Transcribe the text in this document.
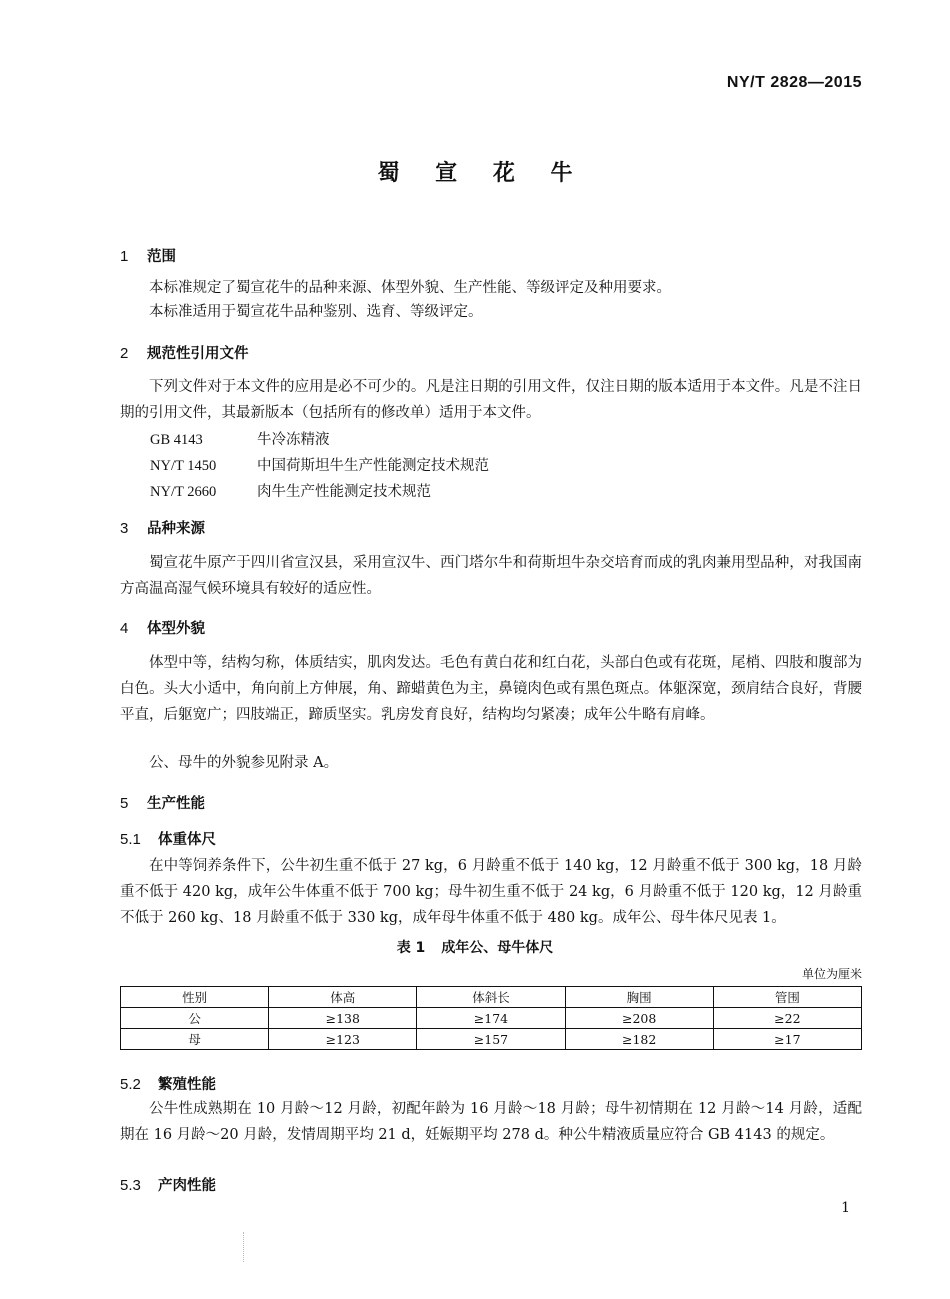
NY/T 2828—2015
蜀 宣 花 牛
1 范围

本标准规定了蜀宣花牛的品种来源、体型外貌、生产性能、等级评定及种用要求。

本标准适用于蜀宣花牛品种鉴别、选育、等级评定。

2 规范性引用文件

下列文件对于本文件的应用是必不可少的。凡是注日期的引用文件，仅注日期的版本适用于本文件。凡是不注日期的引用文件，其最新版本（包括所有的修改单）适用于本文件。

GB 4143	牛冷冻精液
NY/T 1450	中国荷斯坦牛生产性能测定技术规范
NY/T 2660	肉牛生产性能测定技术规范
3 品种来源

蜀宣花牛原产于四川省宣汉县，采用宣汉牛、西门塔尔牛和荷斯坦牛杂交培育而成的乳肉兼用型品种，对我国南方高温高湿气候环境具有较好的适应性。

4 体型外貌

体型中等，结构匀称，体质结实，肌肉发达。毛色有黄白花和红白花，头部白色或有花斑，尾梢、四肢和腹部为白色。头大小适中，角向前上方伸展，角、蹄蜡黄色为主，鼻镜肉色或有黑色斑点。体躯深宽，颈肩结合良好，背腰平直，后躯宽广；四肢端正，蹄质坚实。乳房发育良好，结构均匀紧凑；成年公牛略有肩峰。

公、母牛的外貌参见附录 A。

5 生产性能
5.1 体重体尺

在中等饲养条件下，公牛初生重不低于 27 kg，6 月龄重不低于 140 kg，12 月龄重不低于 300 kg，18 月龄重不低于 420 kg，成年公牛体重不低于 700 kg；母牛初生重不低于 24 kg，6 月龄重不低于 120 kg，12 月龄重不低于 260 kg、18 月龄重不低于 330 kg，成年母牛体重不低于 480 kg。成年公、母牛体尺见表 1。

表 1 成年公、母牛体尺
单位为厘米
性别	体高	体斜长	胸围	管围
公	≥138	≥174	≥208	≥22
母	≥123	≥157	≥182	≥17
5.2 繁殖性能

公牛性成熟期在 10 月龄～12 月龄，初配年龄为 16 月龄～18 月龄；母牛初情期在 12 月龄～14 月龄，适配期在 16 月龄～20 月龄，发情周期平均 21 d，妊娠期平均 278 d。种公牛精液质量应符合 GB 4143 的规定。

5.3 产肉性能
1
